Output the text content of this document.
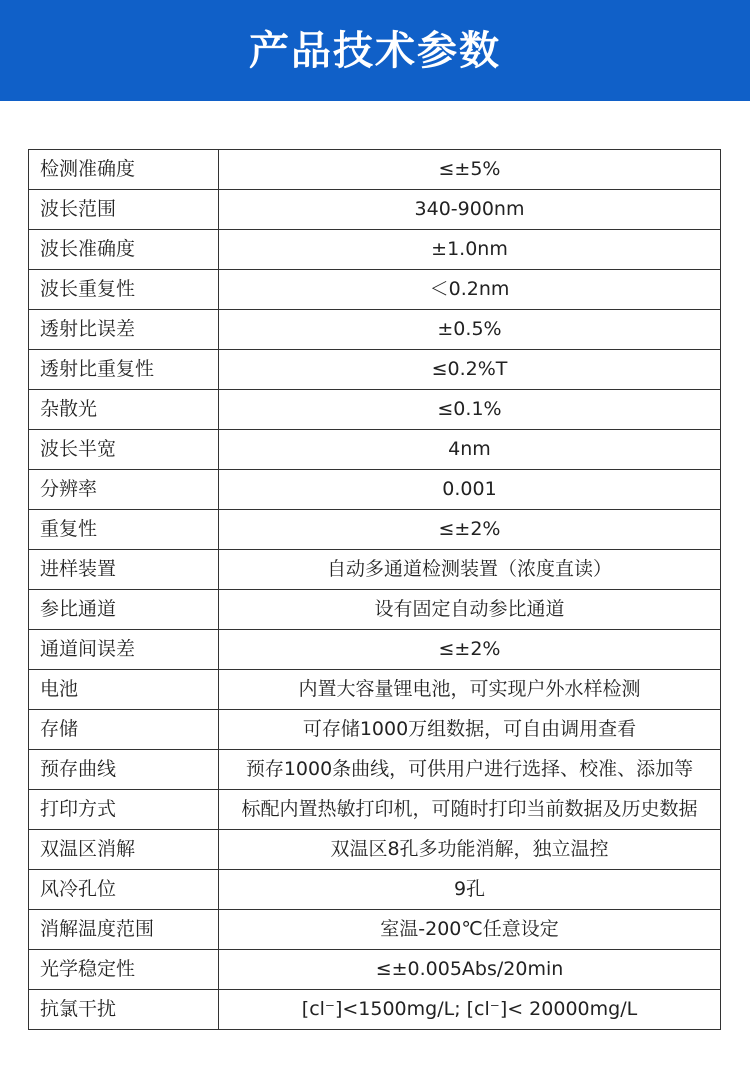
产品技术参数
检测准确度	≤±5%
波长范围	340-900nm
波长准确度	±1.0nm
波长重复性	＜0.2nm
透射比误差	±0.5%
透射比重复性	≤0.2%T
杂散光	≤0.1%
波长半宽	4nm
分辨率	0.001
重复性	≤±2%
进样装置	自动多通道检测装置（浓度直读）
参比通道	设有固定自动参比通道
通道间误差	≤±2%
电池	内置大容量锂电池，可实现户外水样检测
存储	可存储1000万组数据，可自由调用查看
预存曲线	预存1000条曲线，可供用户进行选择、校准、添加等
打印方式	标配内置热敏打印机，可随时打印当前数据及历史数据
双温区消解	双温区8孔多功能消解，独立温控
风冷孔位	9孔
消解温度范围	室温-200℃任意设定
光学稳定性	≤±0.005Abs/20min
抗氯干扰	[cl⁻]<1500mg/L; [cl⁻]< 20000mg/L
